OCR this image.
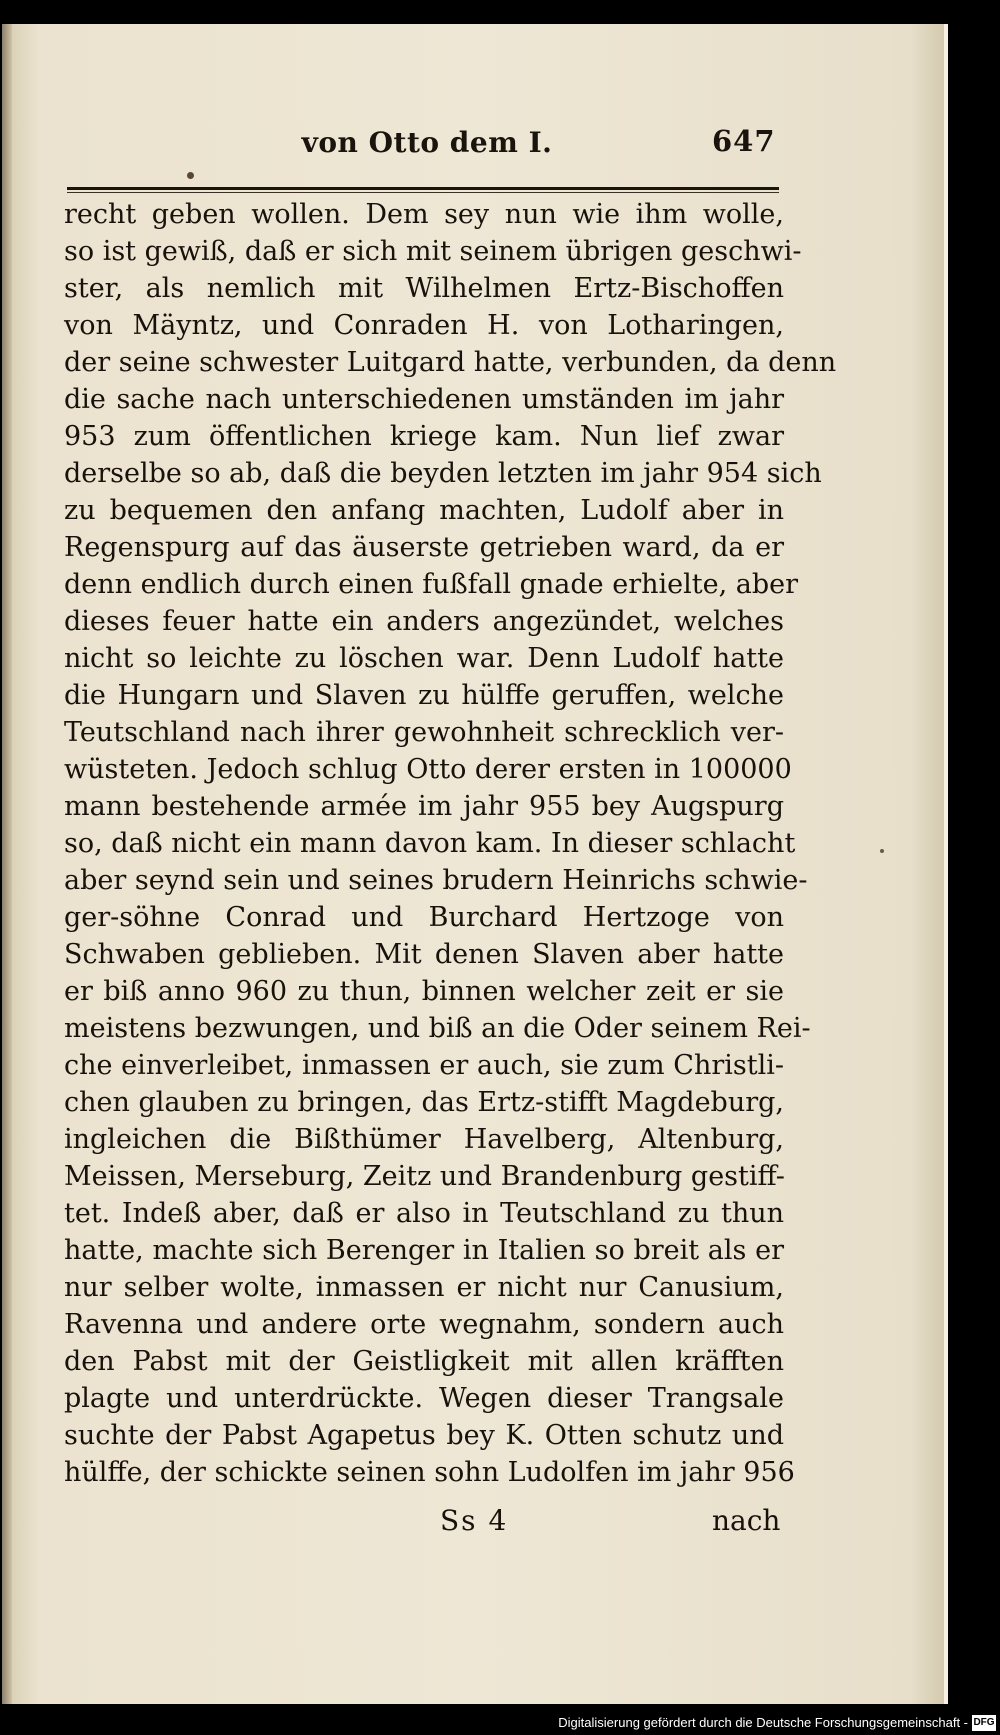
von Otto dem I.	647
recht geben wollen. Dem sey nun wie ihm wolle,
so ist gewiß, daß er sich mit seinem übrigen geschwi-
ster, als nemlich mit Wilhelmen Ertz-Bischoffen
von Mäyntz, und Conraden H. von Lotharingen,
der seine schwester Luitgard hatte, verbunden, da denn
die sache nach unterschiedenen umständen im jahr
953 zum öffentlichen kriege kam. Nun lief zwar
derselbe so ab, daß die beyden letzten im jahr 954 sich
zu bequemen den anfang machten, Ludolf aber in
Regenspurg auf das äuserste getrieben ward, da er
denn endlich durch einen fußfall gnade erhielte, aber
dieses feuer hatte ein anders angezündet, welches
nicht so leichte zu löschen war. Denn Ludolf hatte
die Hungarn und Slaven zu hülffe geruffen, welche
Teutschland nach ihrer gewohnheit schrecklich ver-
wüsteten. Jedoch schlug Otto derer ersten in 100000
mann bestehende armée im jahr 955 bey Augspurg
so, daß nicht ein mann davon kam. In dieser schlacht
aber seynd sein und seines brudern Heinrichs schwie-
ger-söhne Conrad und Burchard Hertzoge von
Schwaben geblieben. Mit denen Slaven aber hatte
er biß anno 960 zu thun, binnen welcher zeit er sie
meistens bezwungen, und biß an die Oder seinem Rei-
che einverleibet, inmassen er auch, sie zum Christli-
chen glauben zu bringen, das Ertz-stifft Magdeburg,
ingleichen die Bißthümer Havelberg, Altenburg,
Meissen, Merseburg, Zeitz und Brandenburg gestiff-
tet. Indeß aber, daß er also in Teutschland zu thun
hatte, machte sich Berenger in Italien so breit als er
nur selber wolte, inmassen er nicht nur Canusium,
Ravenna und andere orte wegnahm, sondern auch
den Pabst mit der Geistligkeit mit allen kräfften
plagte und unterdrückte. Wegen dieser Trangsale
suchte der Pabst Agapetus bey K. Otten schutz und
hülffe, der schickte seinen sohn Ludolfen im jahr 956
Ss 4	nach
Digitalisierung gefördert durch die Deutsche Forschungsgemeinschaft - DFG
